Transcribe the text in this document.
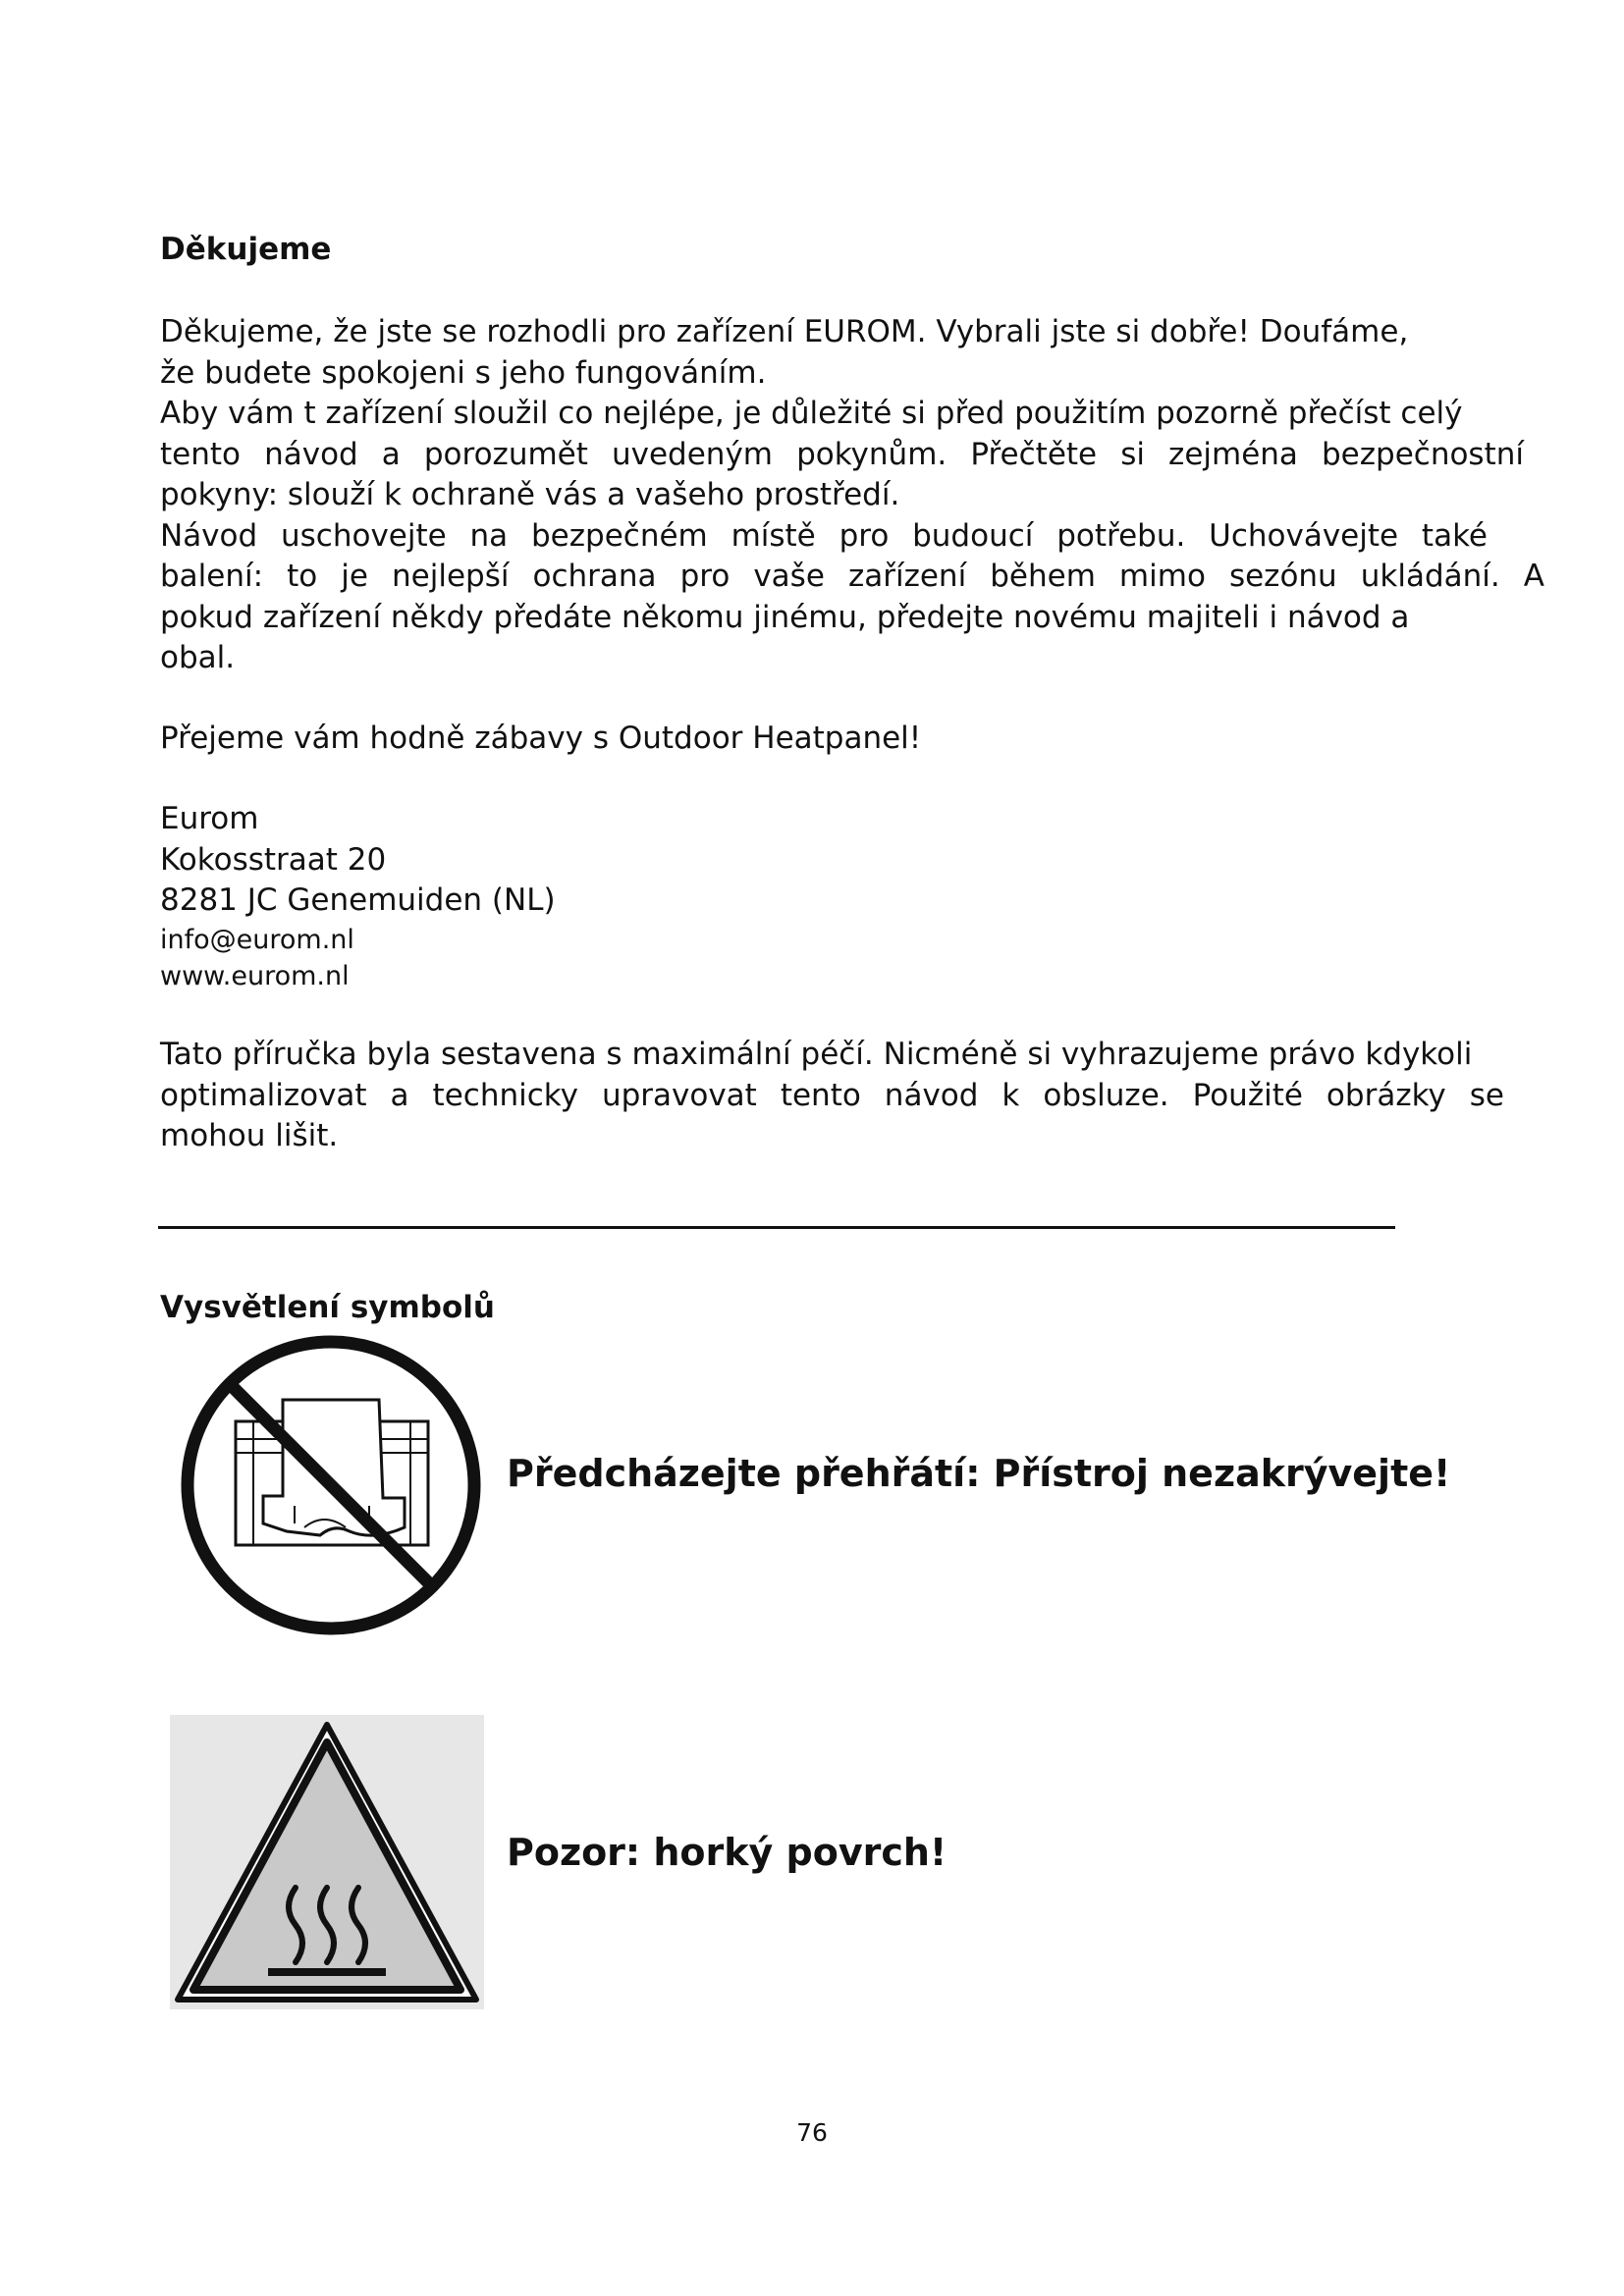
Děkujeme
Děkujeme, že jste se rozhodli pro zařízení EUROM. Vybrali jste si dobře! Doufáme,
že budete spokojeni s jeho fungováním.
Aby vám t zařízení sloužil co nejlépe, je důležité si před použitím pozorně přečíst celý
tento návod a porozumět uvedeným pokynům. Přečtěte si zejména bezpečnostní
pokyny: slouží k ochraně vás a vašeho prostředí.
Návod uschovejte na bezpečném místě pro budoucí potřebu. Uchovávejte také
balení: to je nejlepší ochrana pro vaše zařízení během mimo sezónu ukládání. A
pokud zařízení někdy předáte někomu jinému, předejte novému majiteli i návod a
obal.

Přejeme vám hodně zábavy s Outdoor Heatpanel!

Eurom
Kokosstraat 20
8281 JC Genemuiden (NL)
info@eurom.nl
www.eurom.nl
Tato příručka byla sestavena s maximální péčí. Nicméně si vyhrazujeme právo kdykoli
optimalizovat a technicky upravovat tento návod k obsluze. Použité obrázky se
mohou lišit.
Vysvětlení symbolů
Předcházejte přehřátí: Přístroj nezakrývejte!
Pozor: horký povrch!
76
